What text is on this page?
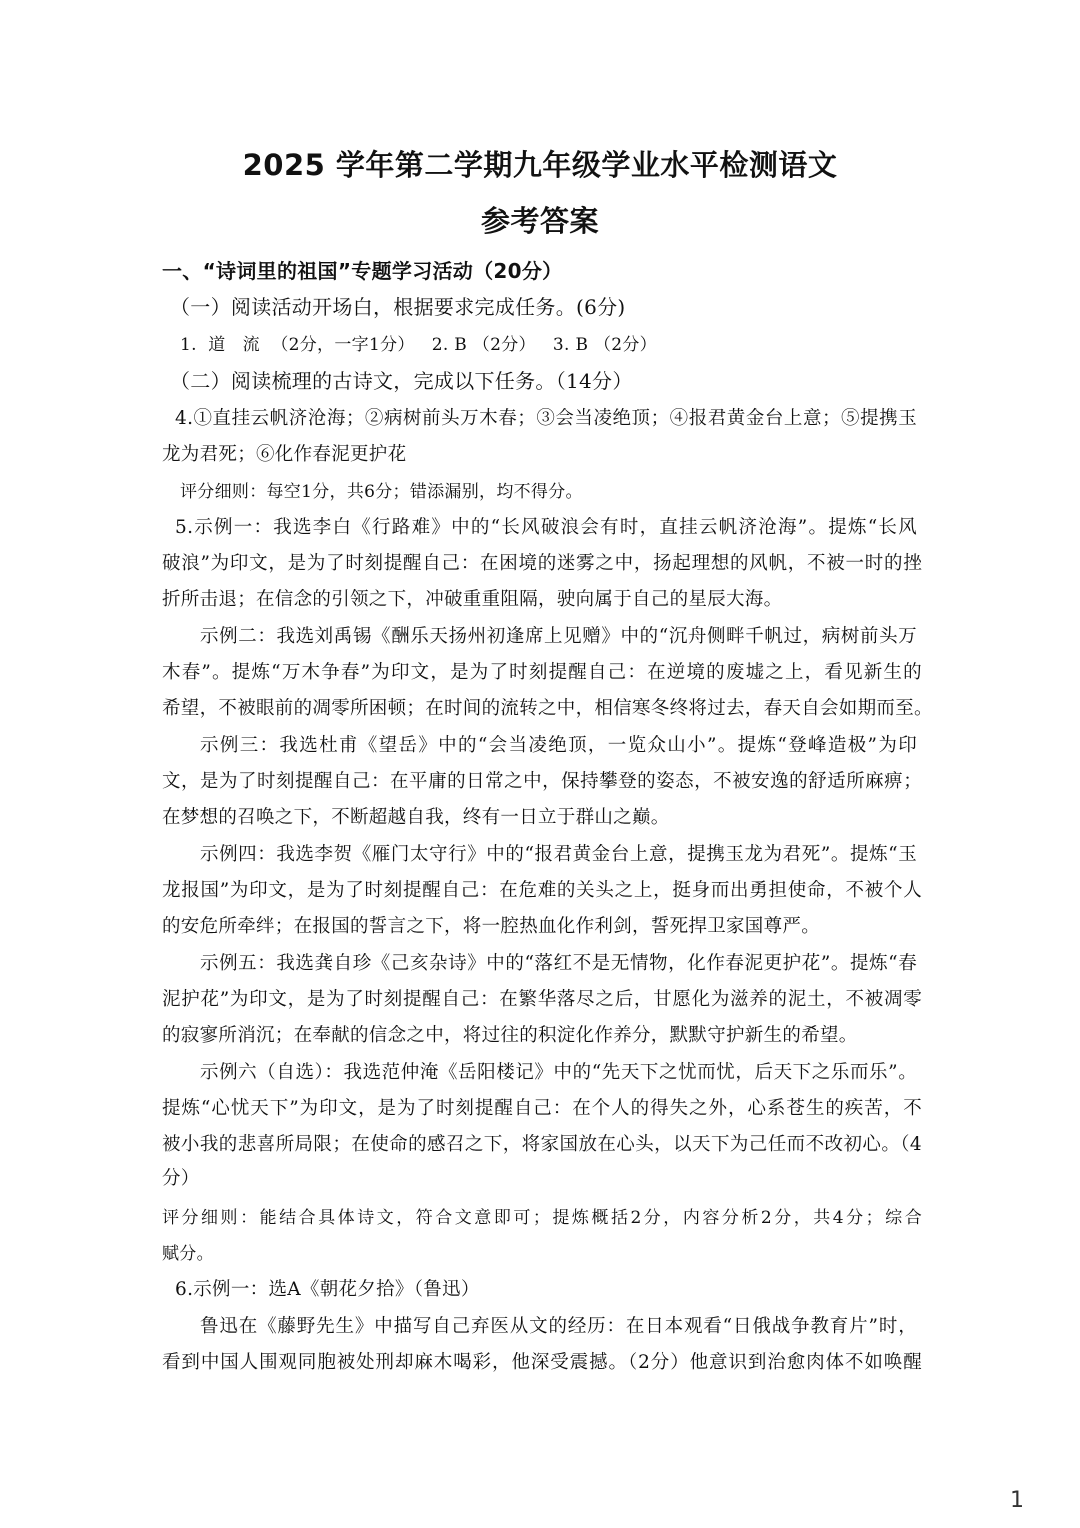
2025 学年第二学期九年级学业水平检测语文
参考答案
一、“诗词里的祖国”专题学习活动（20分）
（一）阅读活动开场白，根据要求完成任务。(6分)
1.  道   流  （2分，一字1分）   2. B （2分）   3. B （2分）
（二）阅读梳理的古诗文，完成以下任务。（14分）
4.①直挂云帆济沧海；②病树前头万木春；③会当凌绝顶；④报君黄金台上意；⑤提携玉
龙为君死；⑥化作春泥更护花
评分细则：每空1分，共6分；错添漏别，均不得分。
5.示例一：我选李白《行路难》中的“长风破浪会有时，直挂云帆济沧海”。提炼“长风
破浪”为印文，是为了时刻提醒自己：在困境的迷雾之中，扬起理想的风帆，不被一时的挫
折所击退；在信念的引领之下，冲破重重阻隔，驶向属于自己的星辰大海。
示例二：我选刘禹锡《酬乐天扬州初逢席上见赠》中的“沉舟侧畔千帆过，病树前头万
木春”。提炼“万木争春”为印文，是为了时刻提醒自己：在逆境的废墟之上，看见新生的
希望，不被眼前的凋零所困顿；在时间的流转之中，相信寒冬终将过去，春天自会如期而至。
示例三：我选杜甫《望岳》中的“会当凌绝顶，一览众山小”。提炼“登峰造极”为印
文，是为了时刻提醒自己：在平庸的日常之中，保持攀登的姿态，不被安逸的舒适所麻痹；
在梦想的召唤之下，不断超越自我，终有一日立于群山之巅。
示例四：我选李贺《雁门太守行》中的“报君黄金台上意，提携玉龙为君死”。提炼“玉
龙报国”为印文，是为了时刻提醒自己：在危难的关头之上，挺身而出勇担使命，不被个人
的安危所牵绊；在报国的誓言之下，将一腔热血化作利剑，誓死捍卫家国尊严。
示例五：我选龚自珍《己亥杂诗》中的“落红不是无情物，化作春泥更护花”。提炼“春
泥护花”为印文，是为了时刻提醒自己：在繁华落尽之后，甘愿化为滋养的泥土，不被凋零
的寂寥所消沉；在奉献的信念之中，将过往的积淀化作养分，默默守护新生的希望。
示例六（自选）：我选范仲淹《岳阳楼记》中的“先天下之忧而忧，后天下之乐而乐”。
提炼“心忧天下”为印文，是为了时刻提醒自己：在个人的得失之外，心系苍生的疾苦，不
被小我的悲喜所局限；在使命的感召之下，将家国放在心头，以天下为己任而不改初心。（4
分）
评分细则：能结合具体诗文，符合文意即可；提炼概括2分，内容分析2分，共4分；综合
赋分。
6.示例一：选A《朝花夕拾》（鲁迅）
鲁迅在《藤野先生》中描写自己弃医从文的经历：在日本观看“日俄战争教育片”时，
看到中国人围观同胞被处刑却麻木喝彩，他深受震撼。（2分）他意识到治愈肉体不如唤醒
1
